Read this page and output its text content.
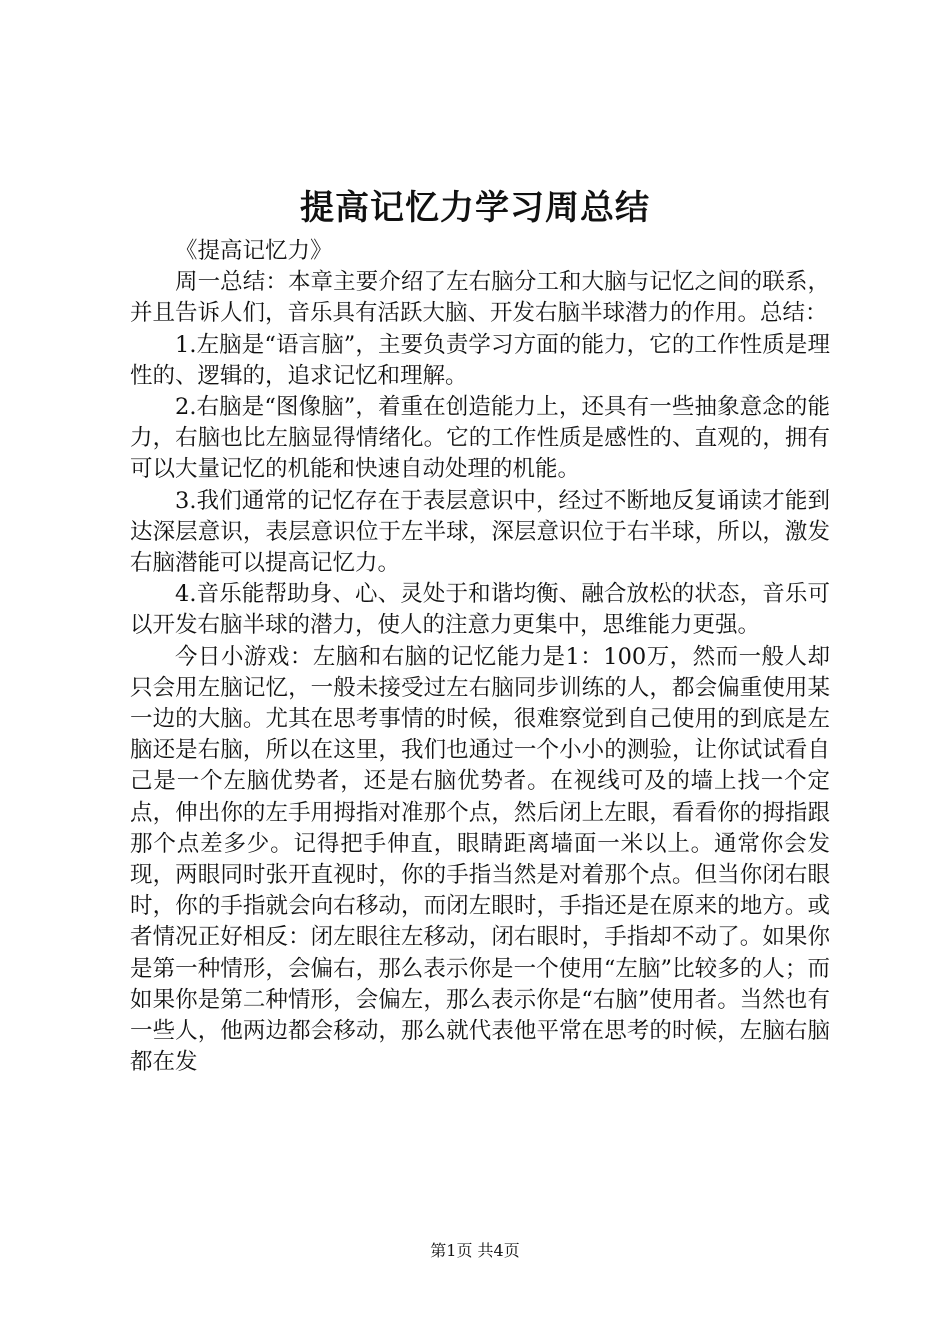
提高记忆力学习周总结

《提高记忆力》

周一总结：本章主要介绍了左右脑分工和大脑与记忆之间的联系，并且告诉人们，音乐具有活跃大脑、开发右脑半球潜力的作用。总结：

1.左脑是“语言脑”，主要负责学习方面的能力，它的工作性质是理性的、逻辑的，追求记忆和理解。

2.右脑是“图像脑”，着重在创造能力上，还具有一些抽象意念的能力，右脑也比左脑显得情绪化。它的工作性质是感性的、直观的，拥有可以大量记忆的机能和快速自动处理的机能。

3.我们通常的记忆存在于表层意识中，经过不断地反复诵读才能到达深层意识，表层意识位于左半球，深层意识位于右半球，所以，激发右脑潜能可以提高记忆力。

4.音乐能帮助身、心、灵处于和谐均衡、融合放松的状态，音乐可以开发右脑半球的潜力，使人的注意力更集中，思维能力更强。

今日小游戏：左脑和右脑的记忆能力是1：100万，然而一般人却只会用左脑记忆，一般未接受过左右脑同步训练的人，都会偏重使用某一边的大脑。尤其在思考事情的时候，很难察觉到自己使用的到底是左脑还是右脑，所以在这里，我们也通过一个小小的测验，让你试试看自己是一个左脑优势者，还是右脑优势者。在视线可及的墙上找一个定点，伸出你的左手用拇指对准那个点，然后闭上左眼，看看你的拇指跟那个点差多少。记得把手伸直，眼睛距离墙面一米以上。通常你会发现，两眼同时张开直视时，你的手指当然是对着那个点。但当你闭右眼时，你的手指就会向右移动，而闭左眼时，手指还是在原来的地方。或者情况正好相反：闭左眼往左移动，闭右眼时，手指却不动了。如果你是第一种情形，会偏右，那么表示你是一个使用“左脑”比较多的人；而如果你是第二种情形，会偏左，那么表示你是“右脑”使用者。当然也有一些人，他两边都会移动，那么就代表他平常在思考的时候，左脑右脑都在发

第1页 共4页
